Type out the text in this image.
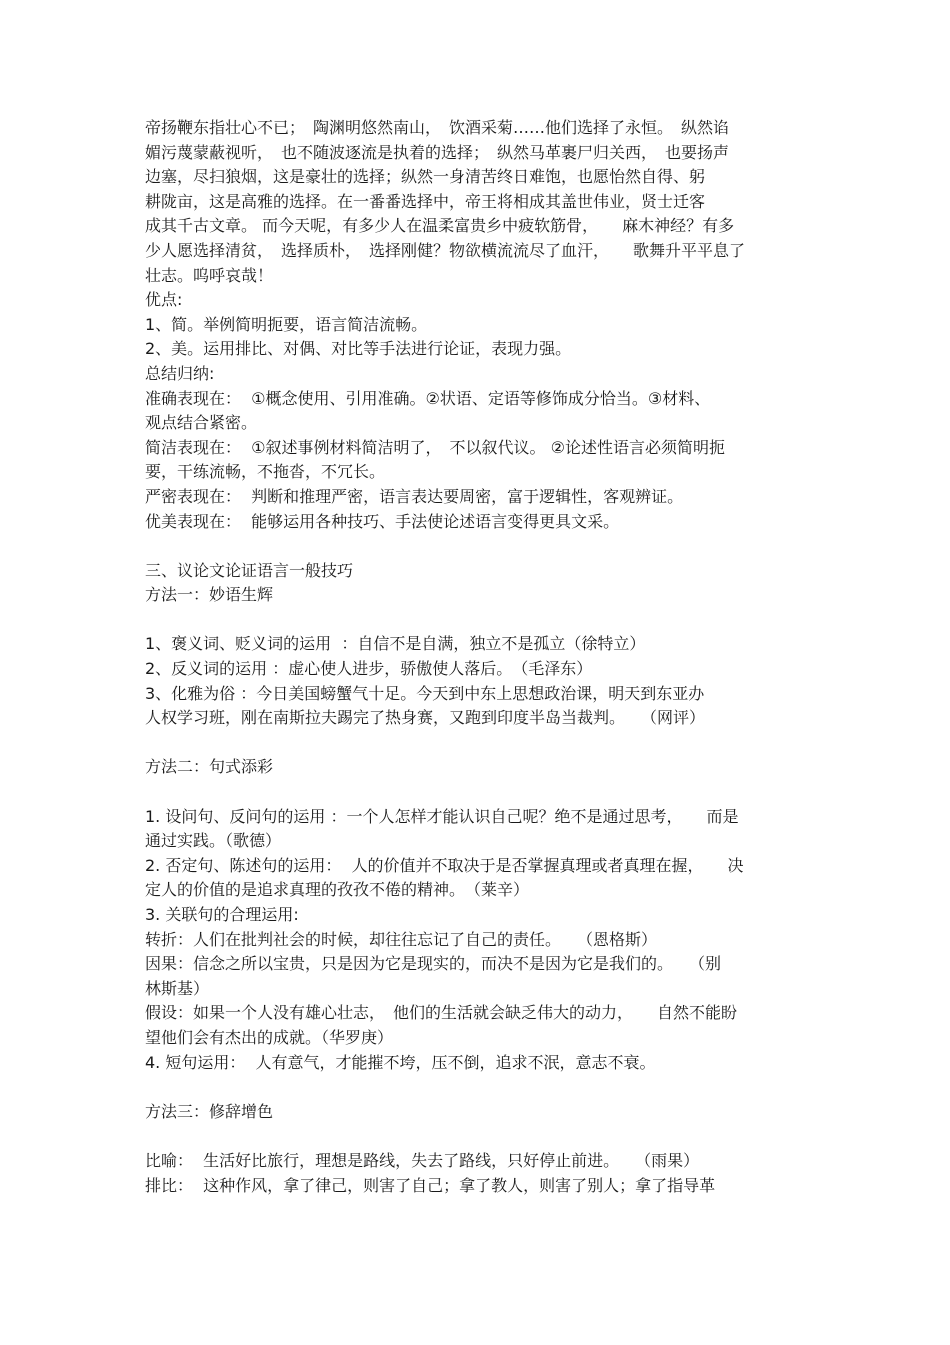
帝扬鞭东指壮心不已；　陶渊明悠然南山，　饮酒采菊……他们选择了永恒。　纵然谄
媚污蔑蒙蔽视听，　也不随波逐流是执着的选择；　纵然马革裹尸归关西，　也要扬声
边塞，尽扫狼烟，这是豪壮的选择；纵然一身清苦终日难饱，也愿怡然自得、躬
耕陇亩，这是高雅的选择。在一番番选择中，帝王将相成其盖世伟业，贤士迁客
成其千古文章。 而今天呢，有多少人在温柔富贵乡中疲软筋骨，　　麻木神经？有多
少人愿选择清贫，　选择质朴，　选择刚健？物欲横流流尽了血汗，　　歌舞升平平息了
壮志。呜呼哀哉！
优点:
1、简。举例简明扼要，语言简洁流畅。
2、美。运用排比、对偶、对比等手法进行论证，表现力强。
总结归纳:
准确表现在：  ①概念使用、引用准确。②状语、定语等修饰成分恰当。③材料、
观点结合紧密。
简洁表现在：  ①叙述事例材料简洁明了，　不以叙代议。 ②论述性语言必须简明扼
要，干练流畅，不拖沓，不冗长。
严密表现在：  判断和推理严密，语言表达要周密，富于逻辑性，客观辨证。
优美表现在：  能够运用各种技巧、手法使论述语言变得更具文采。
三、议论文论证语言一般技巧
方法一：妙语生辉
1、褒义词、贬义词的运用  ：自信不是自满，独立不是孤立（徐特立）
2、反义词的运用 ：虚心使人进步，骄傲使人落后。　（毛泽东）
3、化雅为俗 ：今日美国螃蟹气十足。今天到中东上思想政治课，明天到东亚办
人权学习班，刚在南斯拉夫踢完了热身赛，又跑到印度半岛当裁判。　　（网评）
方法二：句式添彩
1. 设问句、反问句的运用 ：一个人怎样才能认识自己呢？绝不是通过思考，　　而是
通过实践。（歌德）
2. 否定句、陈述句的运用：  人的价值并不取决于是否掌握真理或者真理在握，　　决
定人的价值的是追求真理的孜孜不倦的精神。　（莱辛）
3. 关联句的合理运用:
转折：人们在批判社会的时候，却往往忘记了自己的责任。　　（恩格斯）
因果：信念之所以宝贵，只是因为它是现实的，而决不是因为它是我们的。　　（别
林斯基）
假设：如果一个人没有雄心壮志，　他们的生活就会缺乏伟大的动力，　　自然不能盼
望他们会有杰出的成就。（华罗庚）
4. 短句运用：  人有意气，才能摧不垮，压不倒，追求不泯，意志不衰。
方法三：修辞增色
比喻：  生活好比旅行，理想是路线，失去了路线，只好停止前进。　　（雨果）
排比：  这种作风，拿了律己，则害了自己；拿了教人，则害了别人；拿了指导革
